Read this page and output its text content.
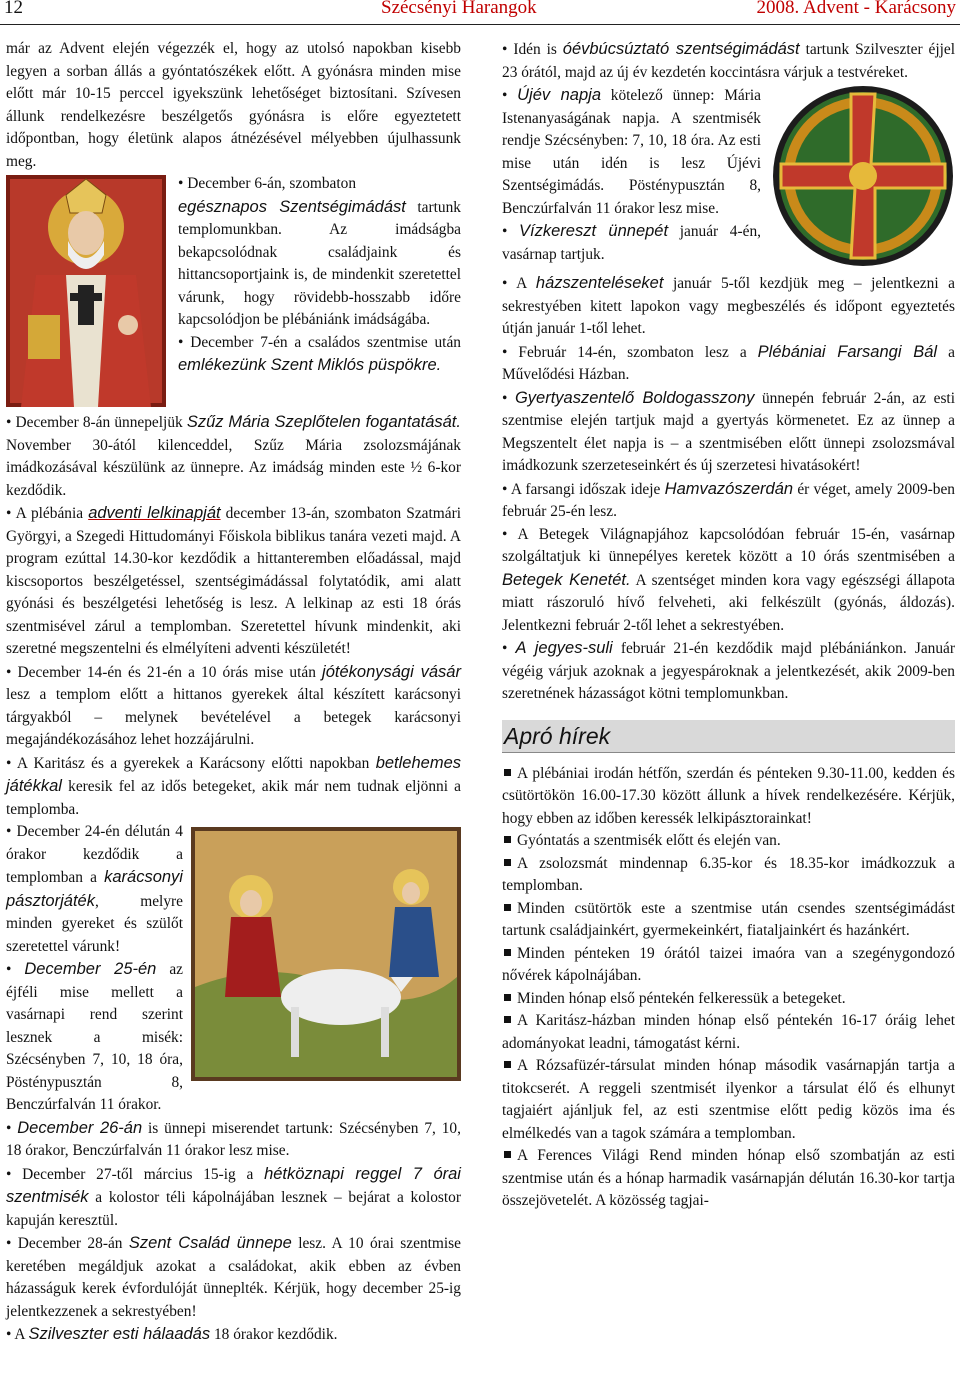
12	Szécsényi Harangok	2008. Advent - Karácsony

már az Advent elején végezzék el, hogy az utolsó napokban kisebb legyen a sorban állás a gyóntatószékek előtt. A gyónásra minden mise előtt már 10-15 perccel igyekszünk lehetőséget biztosítani. Szívesen állunk rendelkezésre beszélgetős gyónásra is előre egyeztetett időpontban, hogy életünk alapos átnézésével mélyebben újulhassunk meg.

• December 6-án, szombaton
egésznapos Szentségimádást tartunk templomunkban. Az imádságba bekapcsolódnak családjaink és hittancsoportjaink is, de mindenkit szeretettel várunk, hogy rövidebb-hosszabb időre kapcsolódjon be plébániánk imádságába.

• December 7-én a családos szentmise után emlékezünk Szent Miklós püspökre.

• December 8-án ünnepeljük Szűz Mária Szeplőtelen fogantatását. November 30-ától kilenceddel, Szűz Mária zsolozsmájának imádkozásával készülünk az ünnepre. Az imádság minden este ½ 6-kor kezdődik.

• A plébánia adventi lelkinapját december 13-án, szombaton Szatmári Györgyi, a Szegedi Hittudományi Főiskola biblikus tanára vezeti majd. A program ezúttal 14.30-kor kezdődik a hittanteremben előadással, majd kiscsoportos beszélgetéssel, szentségimádással folytatódik, ami alatt gyónási és beszélgetési lehetőség is lesz. A lelkinap az esti 18 órás szentmisével zárul a templomban. Szeretettel hívunk mindenkit, aki szeretné megszentelni és elmélyíteni adventi készületét!

• December 14-én és 21-én a 10 órás mise után jótékonysági vásár lesz a templom előtt a hittanos gyerekek által készített karácsonyi tárgyakból – melynek bevételével a betegek karácsonyi megajándékozásához lehet hozzájárulni.

• A Karitász és a gyerekek a Karácsony előtti napokban betlehemes játékkal keresik fel az idős betegeket, akik már nem tudnak eljönni a templomba.

• December 24-én délután 4 órakor kezdődik a templomban a karácsonyi pásztorjáték, melyre minden gyereket és szülőt szeretettel várunk!

• December 25-én az éjféli mise mellett a vasárnapi rend szerint lesznek a misék: Szécsényben 7, 10, 18 óra, Pösténypusztán 8, Benczúrfalván 11 órakor.

• December 26-án is ünnepi miserendet tartunk: Szécsényben 7, 10, 18 órakor, Benczúrfalván 11 órakor lesz mise.

• December 27-től március 15-ig a hétköznapi reggel 7 órai szentmisék a kolostor téli kápolnájában lesznek – bejárat a kolostor kapuján keresztül.

• December 28-án Szent Család ünnepe lesz. A 10 órai szentmise keretében megáldjuk azokat a családokat, akik ebben az évben házasságuk kerek évfordulóját ünneplték. Kérjük, hogy december 25-ig jelentkezzenek a sekrestyében!

• A Szilveszter esti hálaadás 18 órakor kezdődik.

• Idén is óévbúcsúztató szentségimádást tartunk Szilveszter éjjel 23 órától, majd az új év kezdetén koccintásra várjuk a testvéreket.

• Újév napja kötelező ünnep: Mária Istenanyaságának napja. A szentmisék rendje Szécsényben: 7, 10, 18 óra. Az esti mise után idén is lesz Újévi Szentségimádás. Pösténypusztán 8, Benczúrfalván 11 órakor lesz mise.

• Vízkereszt ünnepét január 4-én, vasárnap tartjuk.

• A házszenteléseket január 5-től kezdjük meg – jelentkezni a sekrestyében kitett lapokon vagy megbeszélés és időpont egyeztetés útján január 1-től lehet.

• Február 14-én, szombaton lesz a Plébániai Farsangi Bál a Művelődési Házban.

• Gyertyaszentelő Boldogasszony ünnepén február 2-án, az esti szentmise elején tartjuk majd a gyertyás körmenetet. Ez az ünnep a Megszentelt élet napja is – a szentmisében előtt ünnepi zsolozsmával imádkozunk szerzeteseinkért és új szerzetesi hivatásokért!

• A farsangi időszak ideje Hamvazószerdán ér véget, amely 2009-ben február 25-én lesz.

• A Betegek Világnapjához kapcsolódóan február 15-én, vasárnap szolgáltatjuk ki ünnepélyes keretek között a 10 órás szentmisében a Betegek Kenetét. A szentséget minden kora vagy egészségi állapota miatt rászoruló hívő felveheti, aki felkészült (gyónás, áldozás). Jelentkezni február 2-től lehet a sekrestyében.

• A jegyes-suli február 21-én kezdődik majd plébániánkon. Január végéig várjuk azoknak a jegyespároknak a jelentkezését, akik 2009-ben szeretnének házasságot kötni templomunkban.

Apró hírek

A plébániai irodán hétfőn, szerdán és pénteken 9.30-11.00, kedden és csütörtökön 16.00-17.30 között állunk a hívek rendelkezésére. Kérjük, hogy ebben az időben keressék lelkipásztorainkat!

Gyóntatás a szentmisék előtt és elején van.

A zsolozsmát mindennap 6.35-kor és 18.35-kor imádkozzuk a templomban.

Minden csütörtök este a szentmise után csendes szentségimádást tartunk családjainkért, gyermekeinkért, fiataljainkért és hazánkért.

Minden pénteken 19 órától taizei imaóra van a szegénygondozó nővérek kápolnájában.

Minden hónap első péntekén felkeressük a betegeket.

A Karitász-házban minden hónap első péntekén 16-17 óráig lehet adományokat leadni, támogatást kérni.

A Rózsafüzér-társulat minden hónap második vasárnapján tartja a titokcserét. A reggeli szentmisét ilyenkor a társulat élő és elhunyt tagjaiért ajánljuk fel, az esti szentmise előtt pedig közös ima és elmélkedés van a tagok számára a templomban.

A Ferences Világi Rend minden hónap első szombatján az esti szentmise után és a hónap harmadik vasárnapján délután 16.30-kor tartja összejövetelét. A közösség tagjai-
